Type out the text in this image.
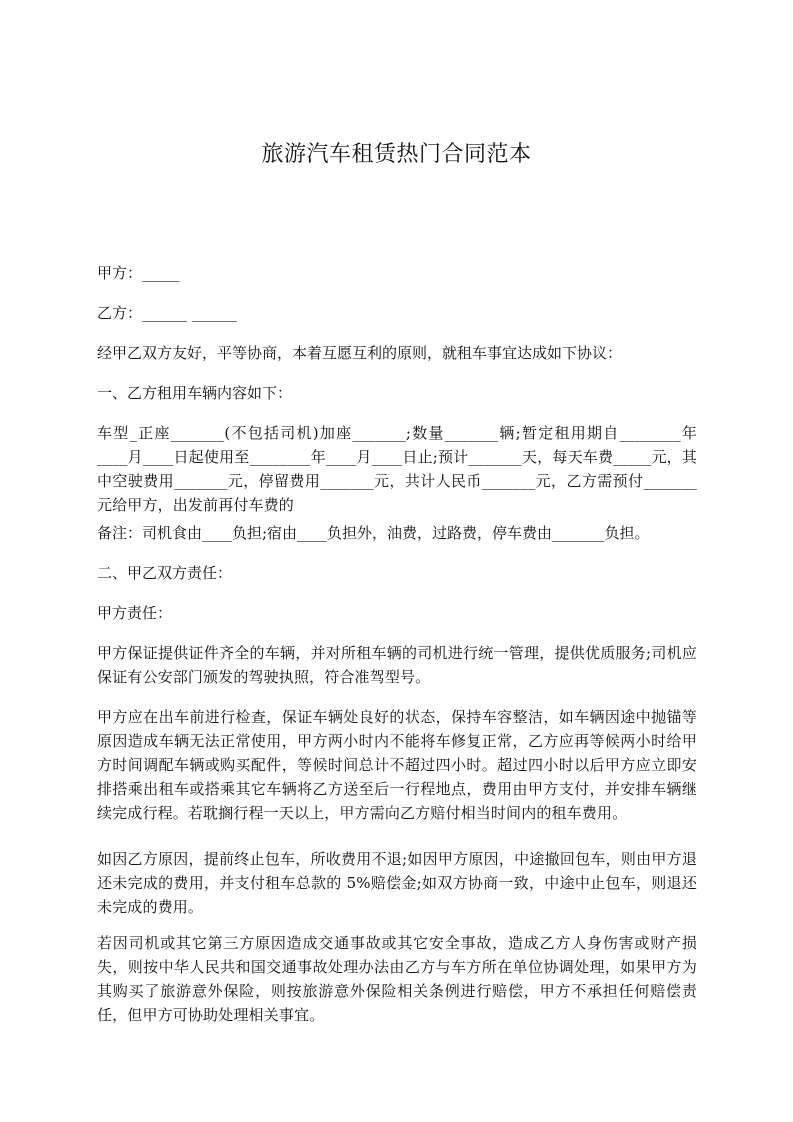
旅游汽车租赁热门合同范本
甲方：_____
乙方：______ ______
经甲乙双方友好，平等协商，本着互愿互利的原则，就租车事宜达成如下协议：
一、乙方租用车辆内容如下：
车型_正座_______(不包括司机)加座_______;数量_______辆;暂定租用期自________年____月____日起使用至________年____月____日止;预计_______天，每天车费_____元，其中空驶费用_______元，停留费用_______元，共计人民币_______元，乙方需预付_______元给甲方，出发前再付车费的
备注：司机食由____负担;宿由____负担外，油费，过路费，停车费由_______负担。
二、甲乙双方责任：
甲方责任：
甲方保证提供证件齐全的车辆，并对所租车辆的司机进行统一管理，提供优质服务;司机应保证有公安部门颁发的驾驶执照，符合准驾型号。
甲方应在出车前进行检查，保证车辆处良好的状态，保持车容整洁，如车辆因途中抛锚等原因造成车辆无法正常使用，甲方两小时内不能将车修复正常，乙方应再等候两小时给甲方时间调配车辆或购买配件，等候时间总计不超过四小时。超过四小时以后甲方应立即安排搭乘出租车或搭乘其它车辆将乙方送至后一行程地点，费用由甲方支付，并安排车辆继续完成行程。若耽搁行程一天以上，甲方需向乙方赔付相当时间内的租车费用。
如因乙方原因，提前终止包车，所收费用不退;如因甲方原因，中途撤回包车，则由甲方退还未完成的费用，并支付租车总款的 5%赔偿金;如双方协商一致，中途中止包车，则退还未完成的费用。
若因司机或其它第三方原因造成交通事故或其它安全事故，造成乙方人身伤害或财产损失，则按中华人民共和国交通事故处理办法由乙方与车方所在单位协调处理，如果甲方为其购买了旅游意外保险，则按旅游意外保险相关条例进行赔偿，甲方不承担任何赔偿责任，但甲方可协助处理相关事宜。
